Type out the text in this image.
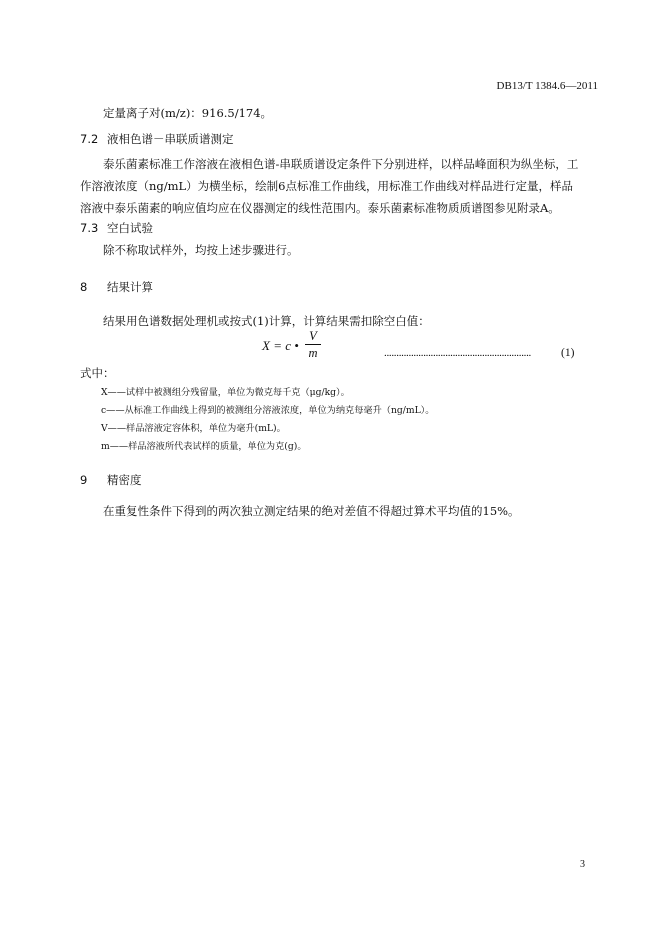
DB13/T 1384.6—2011
定量离子对(m/z)：916.5/174。
7.2 液相色谱－串联质谱测定
泰乐菌素标准工作溶液在液相色谱-串联质谱设定条件下分别进样，以样品峰面积为纵坐标，工作溶液浓度（ng/mL）为横坐标，绘制6点标准工作曲线，用标准工作曲线对样品进行定量，样品溶液中泰乐菌素的响应值均应在仪器测定的线性范围内。泰乐菌素标准物质质谱图参见附录A。
7.3 空白试验
除不称取试样外，均按上述步骤进行。
8 结果计算
结果用色谱数据处理机或按式(1)计算，计算结果需扣除空白值：
X = c •
V
m	............................................................	(1)
式中：
X——试样中被测组分残留量，单位为微克每千克（μg/kg）。
c——从标准工作曲线上得到的被测组分溶液浓度，单位为纳克每毫升（ng/mL）。
V——样品溶液定容体积，单位为毫升(mL)。
m——样品溶液所代表试样的质量，单位为克(g)。
9 精密度
在重复性条件下得到的两次独立测定结果的绝对差值不得超过算术平均值的15%。
3
